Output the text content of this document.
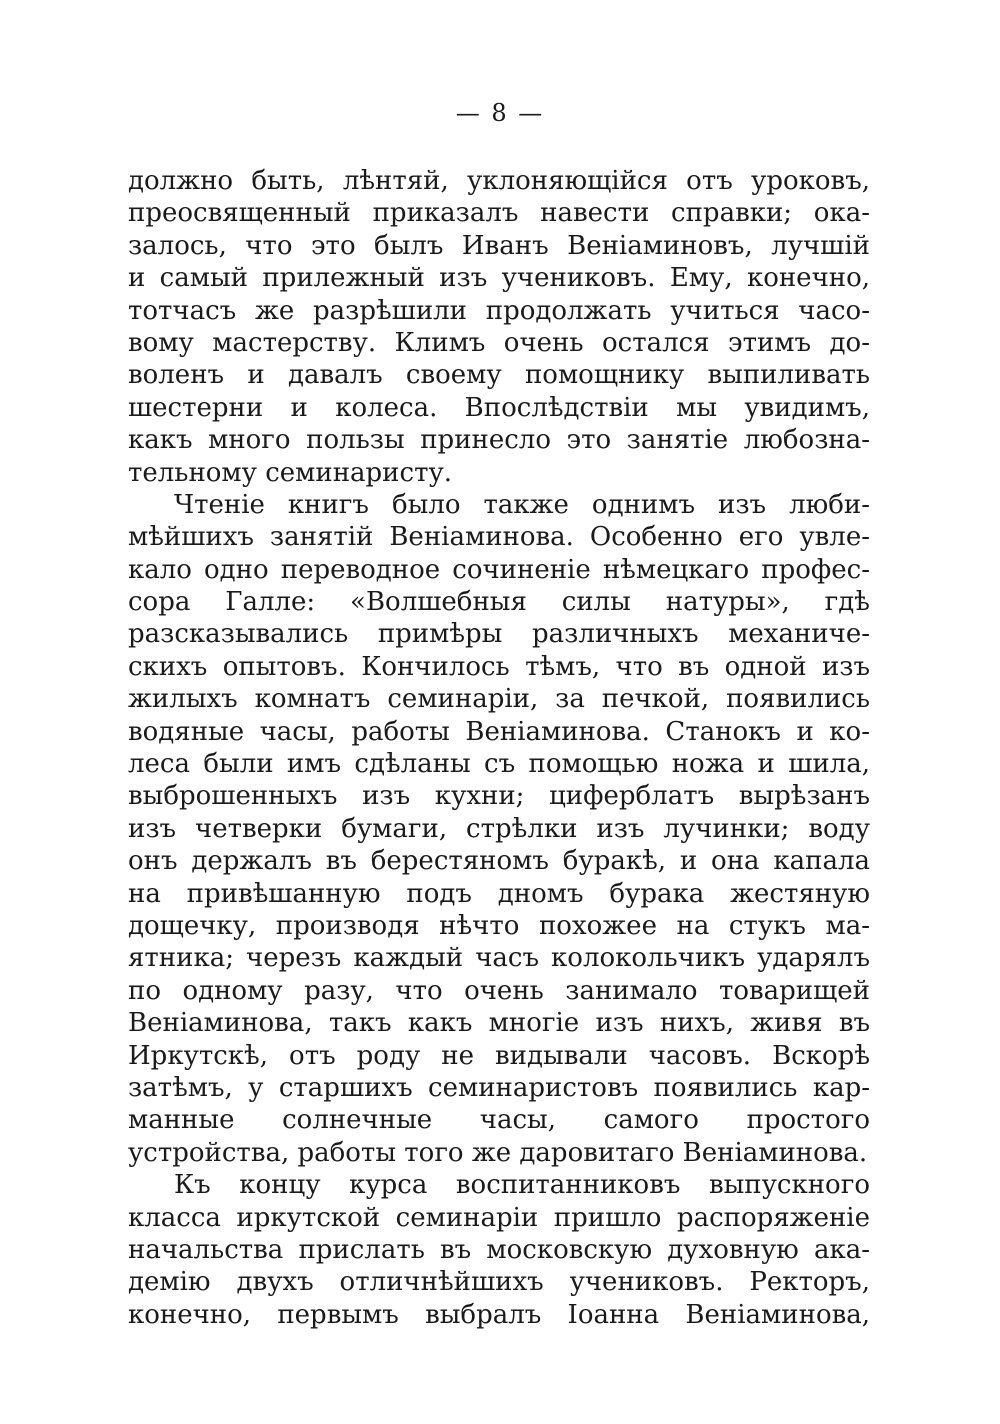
— 8 —
должно быть, лѣнтяй, уклоняющійся отъ уроковъ,
преосвященный приказалъ навести справки; ока-
залось, что это былъ Иванъ Веніаминовъ, лучшій
и самый прилежный изъ учениковъ. Ему, конечно,
тотчасъ же разрѣшили продолжать учиться часо-
вому мастерству. Климъ очень остался этимъ до-
воленъ и давалъ своему помощнику выпиливать
шестерни и колеса. Впослѣдствіи мы увидимъ,
какъ много пользы принесло это занятіе любозна-
тельному семинаристу.
Чтеніе книгъ было также однимъ изъ люби-
мѣйшихъ занятій Веніаминова. Особенно его увле-
кало одно переводное сочиненіе нѣмецкаго профес-
сора Галле: «Волшебныя силы натуры», гдѣ
разсказывались примѣры различныхъ механиче-
скихъ опытовъ. Кончилось тѣмъ, что въ одной изъ
жилыхъ комнатъ семинаріи, за печкой, появились
водяные часы, работы Веніаминова. Станокъ и ко-
леса были имъ сдѣланы съ помощью ножа и шила,
выброшенныхъ изъ кухни; циферблатъ вырѣзанъ
изъ четверки бумаги, стрѣлки изъ лучинки; воду
онъ держалъ въ берестяномъ буракѣ, и она капала
на привѣшанную подъ дномъ бурака жестяную
дощечку, производя нѣчто похожее на стукъ ма-
ятника; черезъ каждый часъ колокольчикъ ударялъ
по одному разу, что очень занимало товарищей
Веніаминова, такъ какъ многіе изъ нихъ, живя въ
Иркутскѣ, отъ роду не видывали часовъ. Вскорѣ
затѣмъ, у старшихъ семинаристовъ появились кар-
манные солнечные часы, самого простого
устройства, работы того же даровитаго Веніаминова.
Къ концу курса воспитанниковъ выпускного
класса иркутской семинаріи пришло распоряженіе
начальства прислать въ московскую духовную ака-
демію двухъ отличнѣйшихъ учениковъ. Ректоръ,
конечно, первымъ выбралъ Іоанна Веніаминова,
